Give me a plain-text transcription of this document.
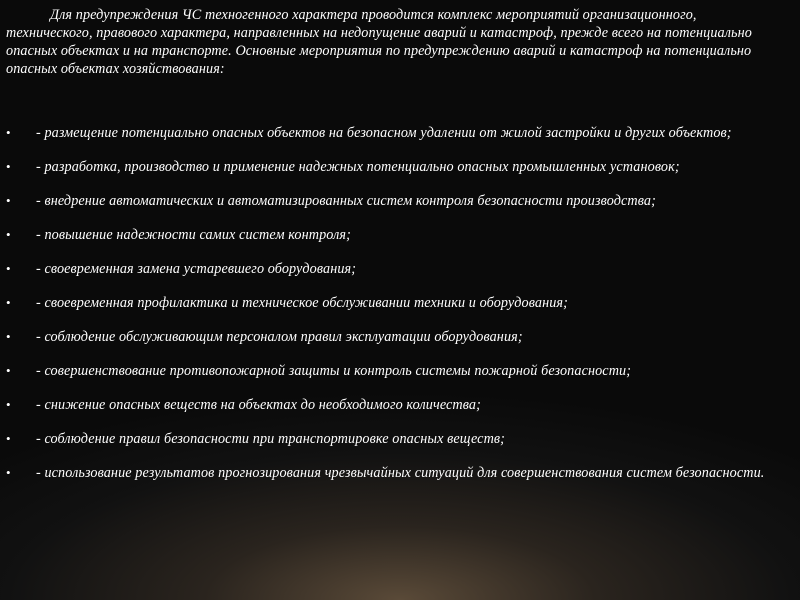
Для предупреждения ЧС техногенного характера проводится комплекс мероприятий организационного, технического, правового характера, направленных на недопущение аварий и катастроф, прежде всего на потенциально опасных объектах и на транспорте. Основные мероприятия по предупреждению аварий и катастроф на потенциально опасных объектах хозяйствования:

• - размещение потенциально опасных объектов на безопасном удалении от жилой застройки и других объектов;
• - разработка, производство и применение надежных потенциально опасных промышленных установок;
• - внедрение автоматических и автоматизированных систем контроля безопасности производства;
• - повышение надежности самих систем контроля;
• - своевременная замена устаревшего оборудования;
• - своевременная профилактика и техническое обслуживании техники и оборудования;
• - соблюдение обслуживающим персоналом правил эксплуатации оборудования;
• - совершенствование противопожарной защиты и контроль системы пожарной безопасности;
• - снижение опасных веществ на объектах до необходимого количества;
• - соблюдение правил безопасности при транспортировке опасных веществ;
• - использование результатов прогнозирования чрезвычайных ситуаций для совершенствования систем безопасности.
